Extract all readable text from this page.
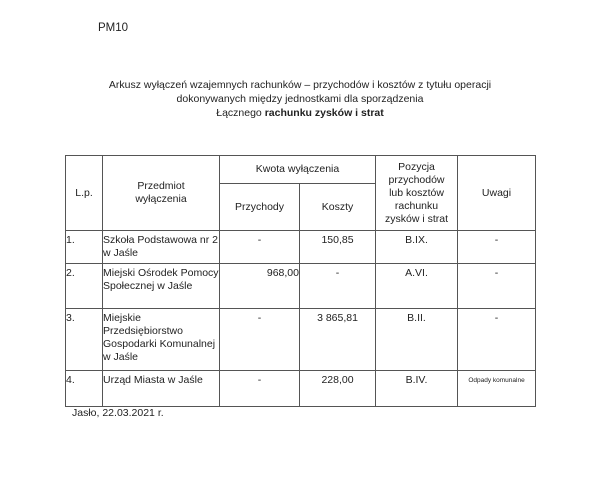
PM10
Arkusz wyłączeń wzajemnych rachunków – przychodów i kosztów z tytułu operacji
dokonywanych między jednostkami dla sporządzenia
Łącznego rachunku zysków i strat
L.p.	Przedmiot wyłączenia	Kwota wyłączenia		Pozycja przychodów lub kosztów rachunku zysków i strat	Uwagi
		Przychody	Koszty		
1.	Szkoła Podstawowa nr 2 w Jaśle	-	150,85	B.IX.	-
2.	Miejski Ośrodek Pomocy Społecznej w Jaśle	968,00	-	A.VI.	-
3.	Miejskie Przedsiębiorstwo Gospodarki Komunalnej w Jaśle	-	3 865,81	B.II.	-
4.	Urząd Miasta w Jaśle	-	228,00	B.IV.	Odpady komunalne
Jasło, 22.03.2021 r.
